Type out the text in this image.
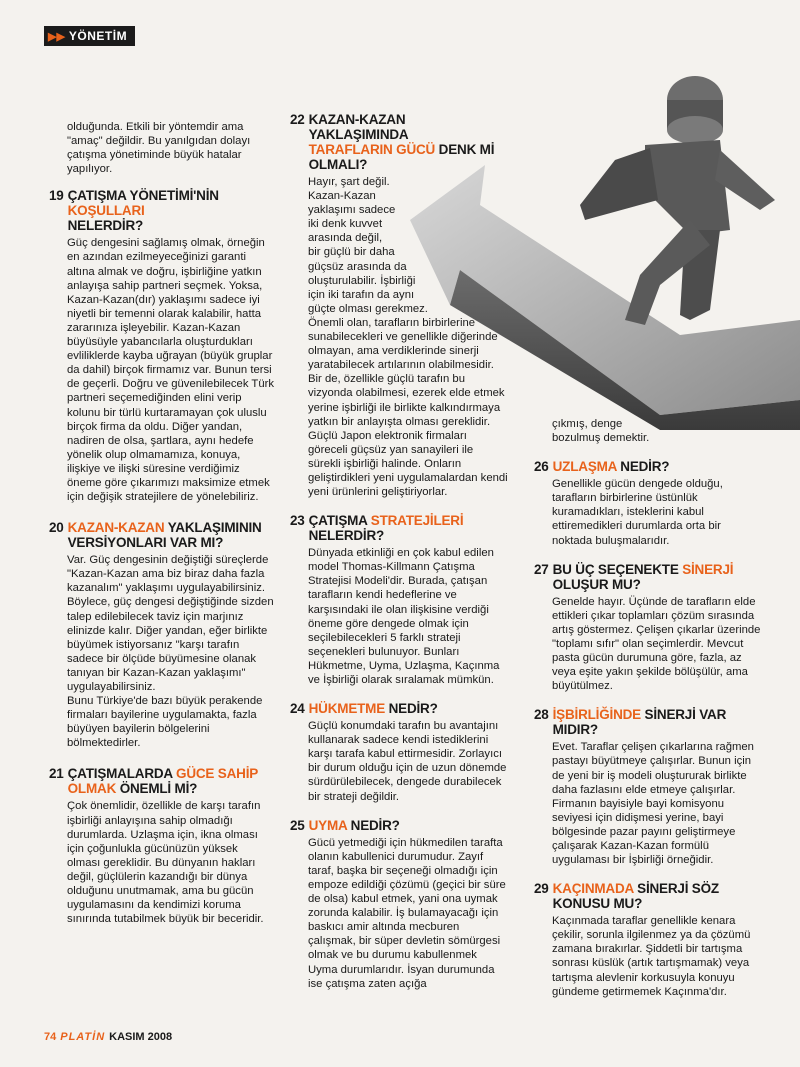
▶▶ YÖNETİM

olduğunda. Etkili bir yöntemdir ama "amaç" değildir. Bu yanılgıdan dolayı çatışma yönetiminde büyük hatalar yapılıyor.

19 ÇATIŞMA YÖNETİMİ'NİN KOŞULLARI
NELERDİR?

Güç dengesini sağlamış olmak, örneğin en azından ezilmeyeceğinizi garanti altına almak ve doğru, işbirliğine yatkın anlayışa sahip partneri seçmek. Yoksa, Kazan-Kazan(dır) yaklaşımı sadece iyi niyetli bir temenni olarak kalabilir, hatta zararınıza işleyebilir. Kazan-Kazan büyüsüyle yabancılarla oluşturdukları evliliklerde kayba uğrayan (büyük gruplar da dahil) birçok firmamız var. Bunun tersi de geçerli. Doğru ve güvenilebilecek Türk partneri seçemediğinden elini verip kolunu bir türlü kurtaramayan çok uluslu birçok firma da oldu. Diğer yandan, nadiren de olsa, şartlara, aynı hedefe yönelik olup olmamamıza, konuya, ilişkiye ve ilişki süresine verdiğimiz öneme göre çıkarımızı maksimize etmek için değişik stratejilere de yönelebiliriz.

20 KAZAN-KAZAN YAKLAŞIMININ
VERSİYONLARI VAR MI?

Var. Güç dengesinin değiştiği süreçlerde "Kazan-Kazan ama biz biraz daha fazla kazanalım" yaklaşımı uygulayabilirsiniz. Böylece, güç dengesi değiştiğinde sizden talep edilebilecek taviz için marjınız elinizde kalır. Diğer yandan, eğer birlikte büyümek istiyorsanız "karşı tarafın sadece bir ölçüde büyümesine olanak tanıyan bir Kazan-Kazan yaklaşımı" uygulayabilirsiniz.

Bunu Türkiye'de bazı büyük perakende firmaları bayilerine uygulamakta, fazla büyüyen bayilerin bölgelerini bölmektedirler.

21 ÇATIŞMALARDA GÜCE SAHİP OLMAK ÖNEMLİ Mİ?

Çok önemlidir, özellikle de karşı tarafın işbirliği anlayışına sahip olmadığı durumlarda. Uzlaşma için, ikna olması için çoğunlukla gücünüzün yüksek olması gereklidir. Bu dünyanın hakları değil, güçlülerin kazandığı bir dünya olduğunu unutmamak, ama bu gücün uygulamasını da kendimizi koruma sınırında tutabilmek büyük bir beceridir.

22 KAZAN-KAZAN YAKLAŞIMINDA
TARAFLARIN GÜCÜ DENK Mİ OLMALI?
Hayır, şart değil.
Kazan-Kazan
yaklaşımı sadece
iki denk kuvvet
arasında değil,
bir güçlü bir daha
güçsüz arasında da
oluşturulabilir. İşbirliği
için iki tarafın da aynı
güçte olması gerekmez.

Önemli olan, tarafların birbirlerine sunabilecekleri ve genellikle diğerinde olmayan, ama verdiklerinde sinerji yaratabilecek artılarının olabilmesidir. Bir de, özellikle güçlü tarafın bu vizyonda olabilmesi, ezerek elde etmek yerine işbirliği ile birlikte kalkındırmaya yatkın bir anlayışta olması gereklidir. Güçlü Japon elektronik firmaları göreceli güçsüz yan sanayileri ile sürekli işbirliği halinde. Onların geliştirdikleri yeni uygulamalardan kendi yeni ürünlerini geliştiriyorlar.

23 ÇATIŞMA STRATEJİLERİ NELERDİR?

Dünyada etkinliği en çok kabul edilen model Thomas-Killmann Çatışma Stratejisi Modeli'dir. Burada, çatışan tarafların kendi hedeflerine ve karşısındaki ile olan ilişkisine verdiği öneme göre dengede olmak için seçilebilecekleri 5 farklı strateji seçenekleri bulunuyor. Bunları Hükmetme, Uyma, Uzlaşma, Kaçınma ve İşbirliği olarak sıralamak mümkün.

24 HÜKMETME NEDİR?

Güçlü konumdaki tarafın bu avantajını kullanarak sadece kendi istediklerini karşı tarafa kabul ettirmesidir. Zorlayıcı bir durum olduğu için de uzun dönemde sürdürülebilecek, dengede durabilecek bir strateji değildir.

25 UYMA NEDİR?

Gücü yetmediği için hükmedilen tarafta olanın kabullenici durumudur. Zayıf taraf, başka bir seçeneği olmadığı için empoze edildiği çözümü (geçici bir süre de olsa) kabul etmek, yani ona uymak zorunda kalabilir. İş bulamayacağı için baskıcı amir altında mecburen çalışmak, bir süper devletin sömürgesi olmak ve bu durumu kabullenmek Uyma durumlarıdır. İsyan durumunda ise çatışma zaten açığa

çıkmış, denge bozulmuş demektir.

26 UZLAŞMA NEDİR?

Genellikle gücün dengede olduğu, tarafların birbirlerine üstünlük kuramadıkları, isteklerini kabul ettiremedikleri durumlarda orta bir noktada buluşmalarıdır.

27 BU ÜÇ SEÇENEKTE SİNERJİ
OLUŞUR MU?

Genelde hayır. Üçünde de tarafların elde ettikleri çıkar toplamları çözüm sırasında artış göstermez. Çelişen çıkarlar üzerinde "toplamı sıfır" olan seçimlerdir. Mevcut pasta gücün durumuna göre, fazla, az veya eşite yakın şekilde bölüşülür, ama büyütülmez.

28 İŞBİRLİĞİNDE SİNERJİ VAR MIDIR?

Evet. Taraflar çelişen çıkarlarına rağmen pastayı büyütmeye çalışırlar. Bunun için de yeni bir iş modeli oluştururak birlikte daha fazlasını elde etmeye çalışırlar. Firmanın bayisiyle bayi komisyonu seviyesi için didişmesi yerine, bayi bölgesinde pazar payını geliştirmeye çalışarak Kazan-Kazan formülü uygulaması bir İşbirliği örneğidir.

29 KAÇINMADA SİNERJİ SÖZ KONUSU MU?

Kaçınmada taraflar genellikle kenara çekilir, sorunla ilgilenmez ya da çözümü zamana bırakırlar. Şiddetli bir tartışma sonrası küslük (artık tartışmamak) veya tartışma alevlenir korkusuyla konuyu gündeme getirmemek Kaçınma'dır.

74 PLATİN KASIM 2008
